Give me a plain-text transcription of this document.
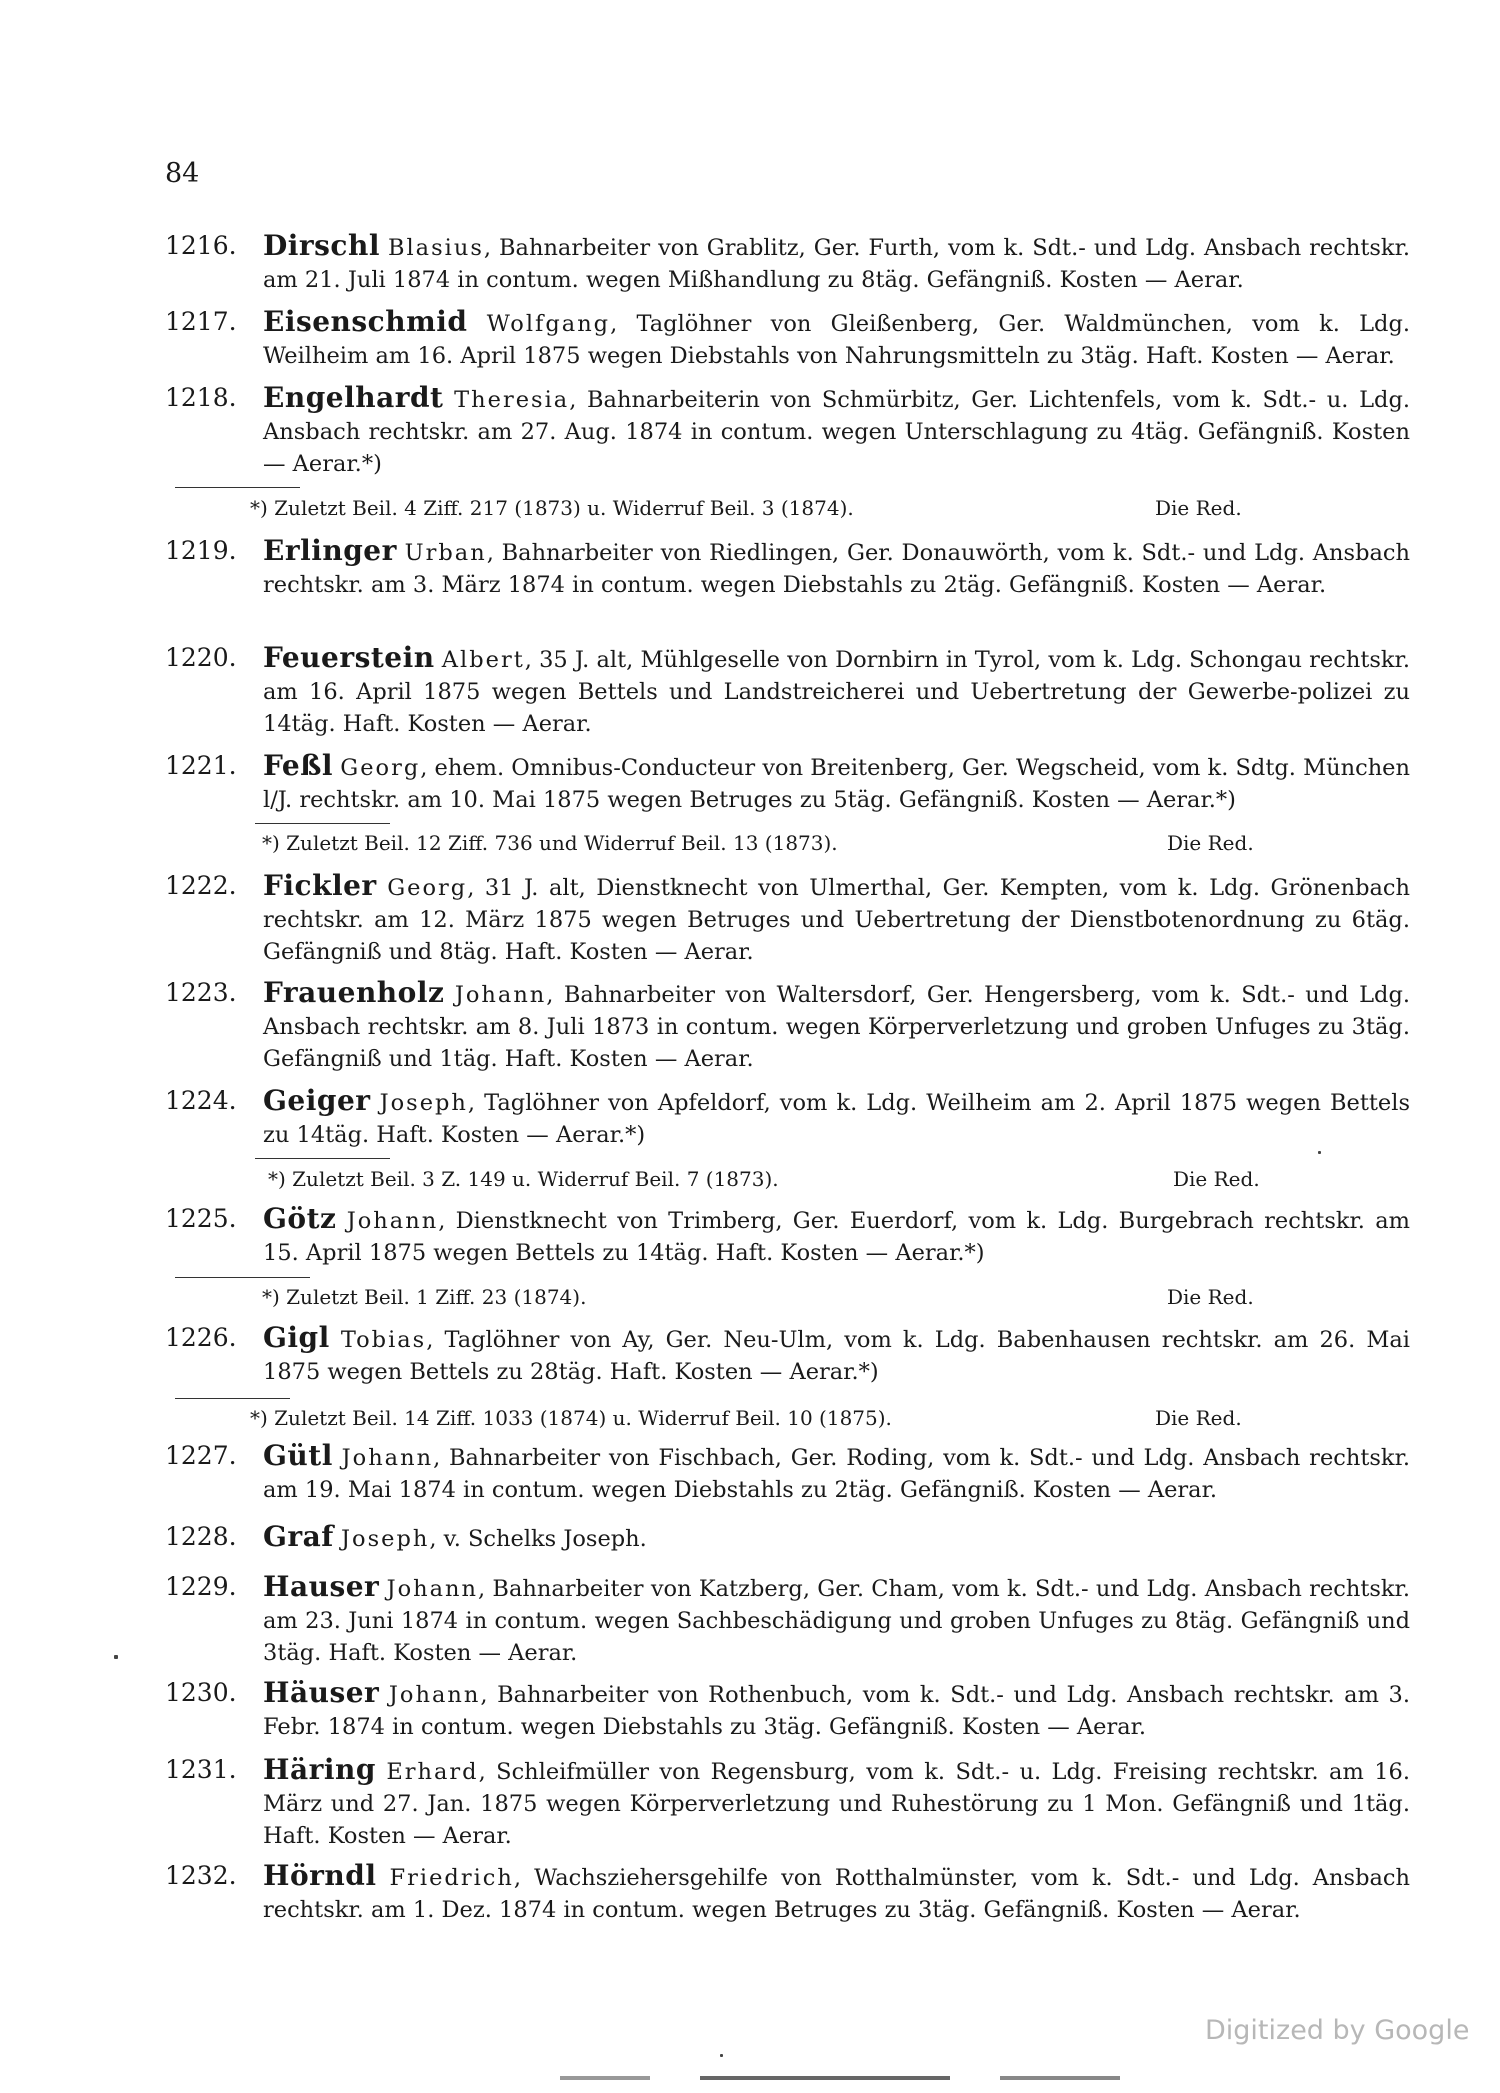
84
1216. Dirschl Blasius, Bahnarbeiter von Grablitz, Ger. Furth, vom k. Sdt.- und Ldg. Ansbach rechtskr. am 21. Juli 1874 in contum. wegen Mißhandlung zu 8täg. Gefängniß. Kosten — Aerar.
1217. Eisenschmid Wolfgang, Taglöhner von Gleißenberg, Ger. Waldmünchen, vom k. Ldg. Weilheim am 16. April 1875 wegen Diebstahls von Nahrungsmitteln zu 3täg. Haft. Kosten — Aerar.
1218. Engelhardt Theresia, Bahnarbeiterin von Schmürbitz, Ger. Lichtenfels, vom k. Sdt.- u. Ldg. Ansbach rechtskr. am 27. Aug. 1874 in contum. wegen Unterschlagung zu 4täg. Gefängniß. Kosten — Aerar.*)
*) Zuletzt Beil. 4 Ziff. 217 (1873) u. Widerruf Beil. 3 (1874).	Die Red.
1219. Erlinger Urban, Bahnarbeiter von Riedlingen, Ger. Donauwörth, vom k. Sdt.- und Ldg. Ansbach rechtskr. am 3. März 1874 in contum. wegen Diebstahls zu 2täg. Gefängniß. Kosten — Aerar.
1220. Feuerstein Albert, 35 J. alt, Mühlgeselle von Dornbirn in Tyrol, vom k. Ldg. Schongau rechtskr. am 16. April 1875 wegen Bettels und Landstreicherei und Uebertretung der Gewerbe-polizei zu 14täg. Haft. Kosten — Aerar.
1221. Feßl Georg, ehem. Omnibus-Conducteur von Breitenberg, Ger. Wegscheid, vom k. Sdtg. München l/J. rechtskr. am 10. Mai 1875 wegen Betruges zu 5täg. Gefängniß. Kosten — Aerar.*)
*) Zuletzt Beil. 12 Ziff. 736 und Widerruf Beil. 13 (1873).	Die Red.
1222. Fickler Georg, 31 J. alt, Dienstknecht von Ulmerthal, Ger. Kempten, vom k. Ldg. Grönenbach rechtskr. am 12. März 1875 wegen Betruges und Uebertretung der Dienstbotenordnung zu 6täg. Gefängniß und 8täg. Haft. Kosten — Aerar.
1223. Frauenholz Johann, Bahnarbeiter von Waltersdorf, Ger. Hengersberg, vom k. Sdt.- und Ldg. Ansbach rechtskr. am 8. Juli 1873 in contum. wegen Körperverletzung und groben Unfuges zu 3täg. Gefängniß und 1täg. Haft. Kosten — Aerar.
1224. Geiger Joseph, Taglöhner von Apfeldorf, vom k. Ldg. Weilheim am 2. April 1875 wegen Bettels zu 14täg. Haft. Kosten — Aerar.*)
*) Zuletzt Beil. 3 Z. 149 u. Widerruf Beil. 7 (1873).	Die Red.
1225. Götz Johann, Dienstknecht von Trimberg, Ger. Euerdorf, vom k. Ldg. Burgebrach rechtskr. am 15. April 1875 wegen Bettels zu 14täg. Haft. Kosten — Aerar.*)
*) Zuletzt Beil. 1 Ziff. 23 (1874).	Die Red.
1226. Gigl Tobias, Taglöhner von Ay, Ger. Neu-Ulm, vom k. Ldg. Babenhausen rechtskr. am 26. Mai 1875 wegen Bettels zu 28täg. Haft. Kosten — Aerar.*)
*) Zuletzt Beil. 14 Ziff. 1033 (1874) u. Widerruf Beil. 10 (1875).	Die Red.
1227. Gütl Johann, Bahnarbeiter von Fischbach, Ger. Roding, vom k. Sdt.- und Ldg. Ansbach rechtskr. am 19. Mai 1874 in contum. wegen Diebstahls zu 2täg. Gefängniß. Kosten — Aerar.
1228. Graf Joseph, v. Schelks Joseph.
1229. Hauser Johann, Bahnarbeiter von Katzberg, Ger. Cham, vom k. Sdt.- und Ldg. Ansbach rechtskr. am 23. Juni 1874 in contum. wegen Sachbeschädigung und groben Unfuges zu 8täg. Gefängniß und 3täg. Haft. Kosten — Aerar.
1230. Häuser Johann, Bahnarbeiter von Rothenbuch, vom k. Sdt.- und Ldg. Ansbach rechtskr. am 3. Febr. 1874 in contum. wegen Diebstahls zu 3täg. Gefängniß. Kosten — Aerar.
1231. Häring Erhard, Schleifmüller von Regensburg, vom k. Sdt.- u. Ldg. Freising rechtskr. am 16. März und 27. Jan. 1875 wegen Körperverletzung und Ruhestörung zu 1 Mon. Gefängniß und 1täg. Haft. Kosten — Aerar.
1232. Hörndl Friedrich, Wachsziehersgehilfe von Rotthalmünster, vom k. Sdt.- und Ldg. Ansbach rechtskr. am 1. Dez. 1874 in contum. wegen Betruges zu 3täg. Gefängniß. Kosten — Aerar.
Digitized by Google
